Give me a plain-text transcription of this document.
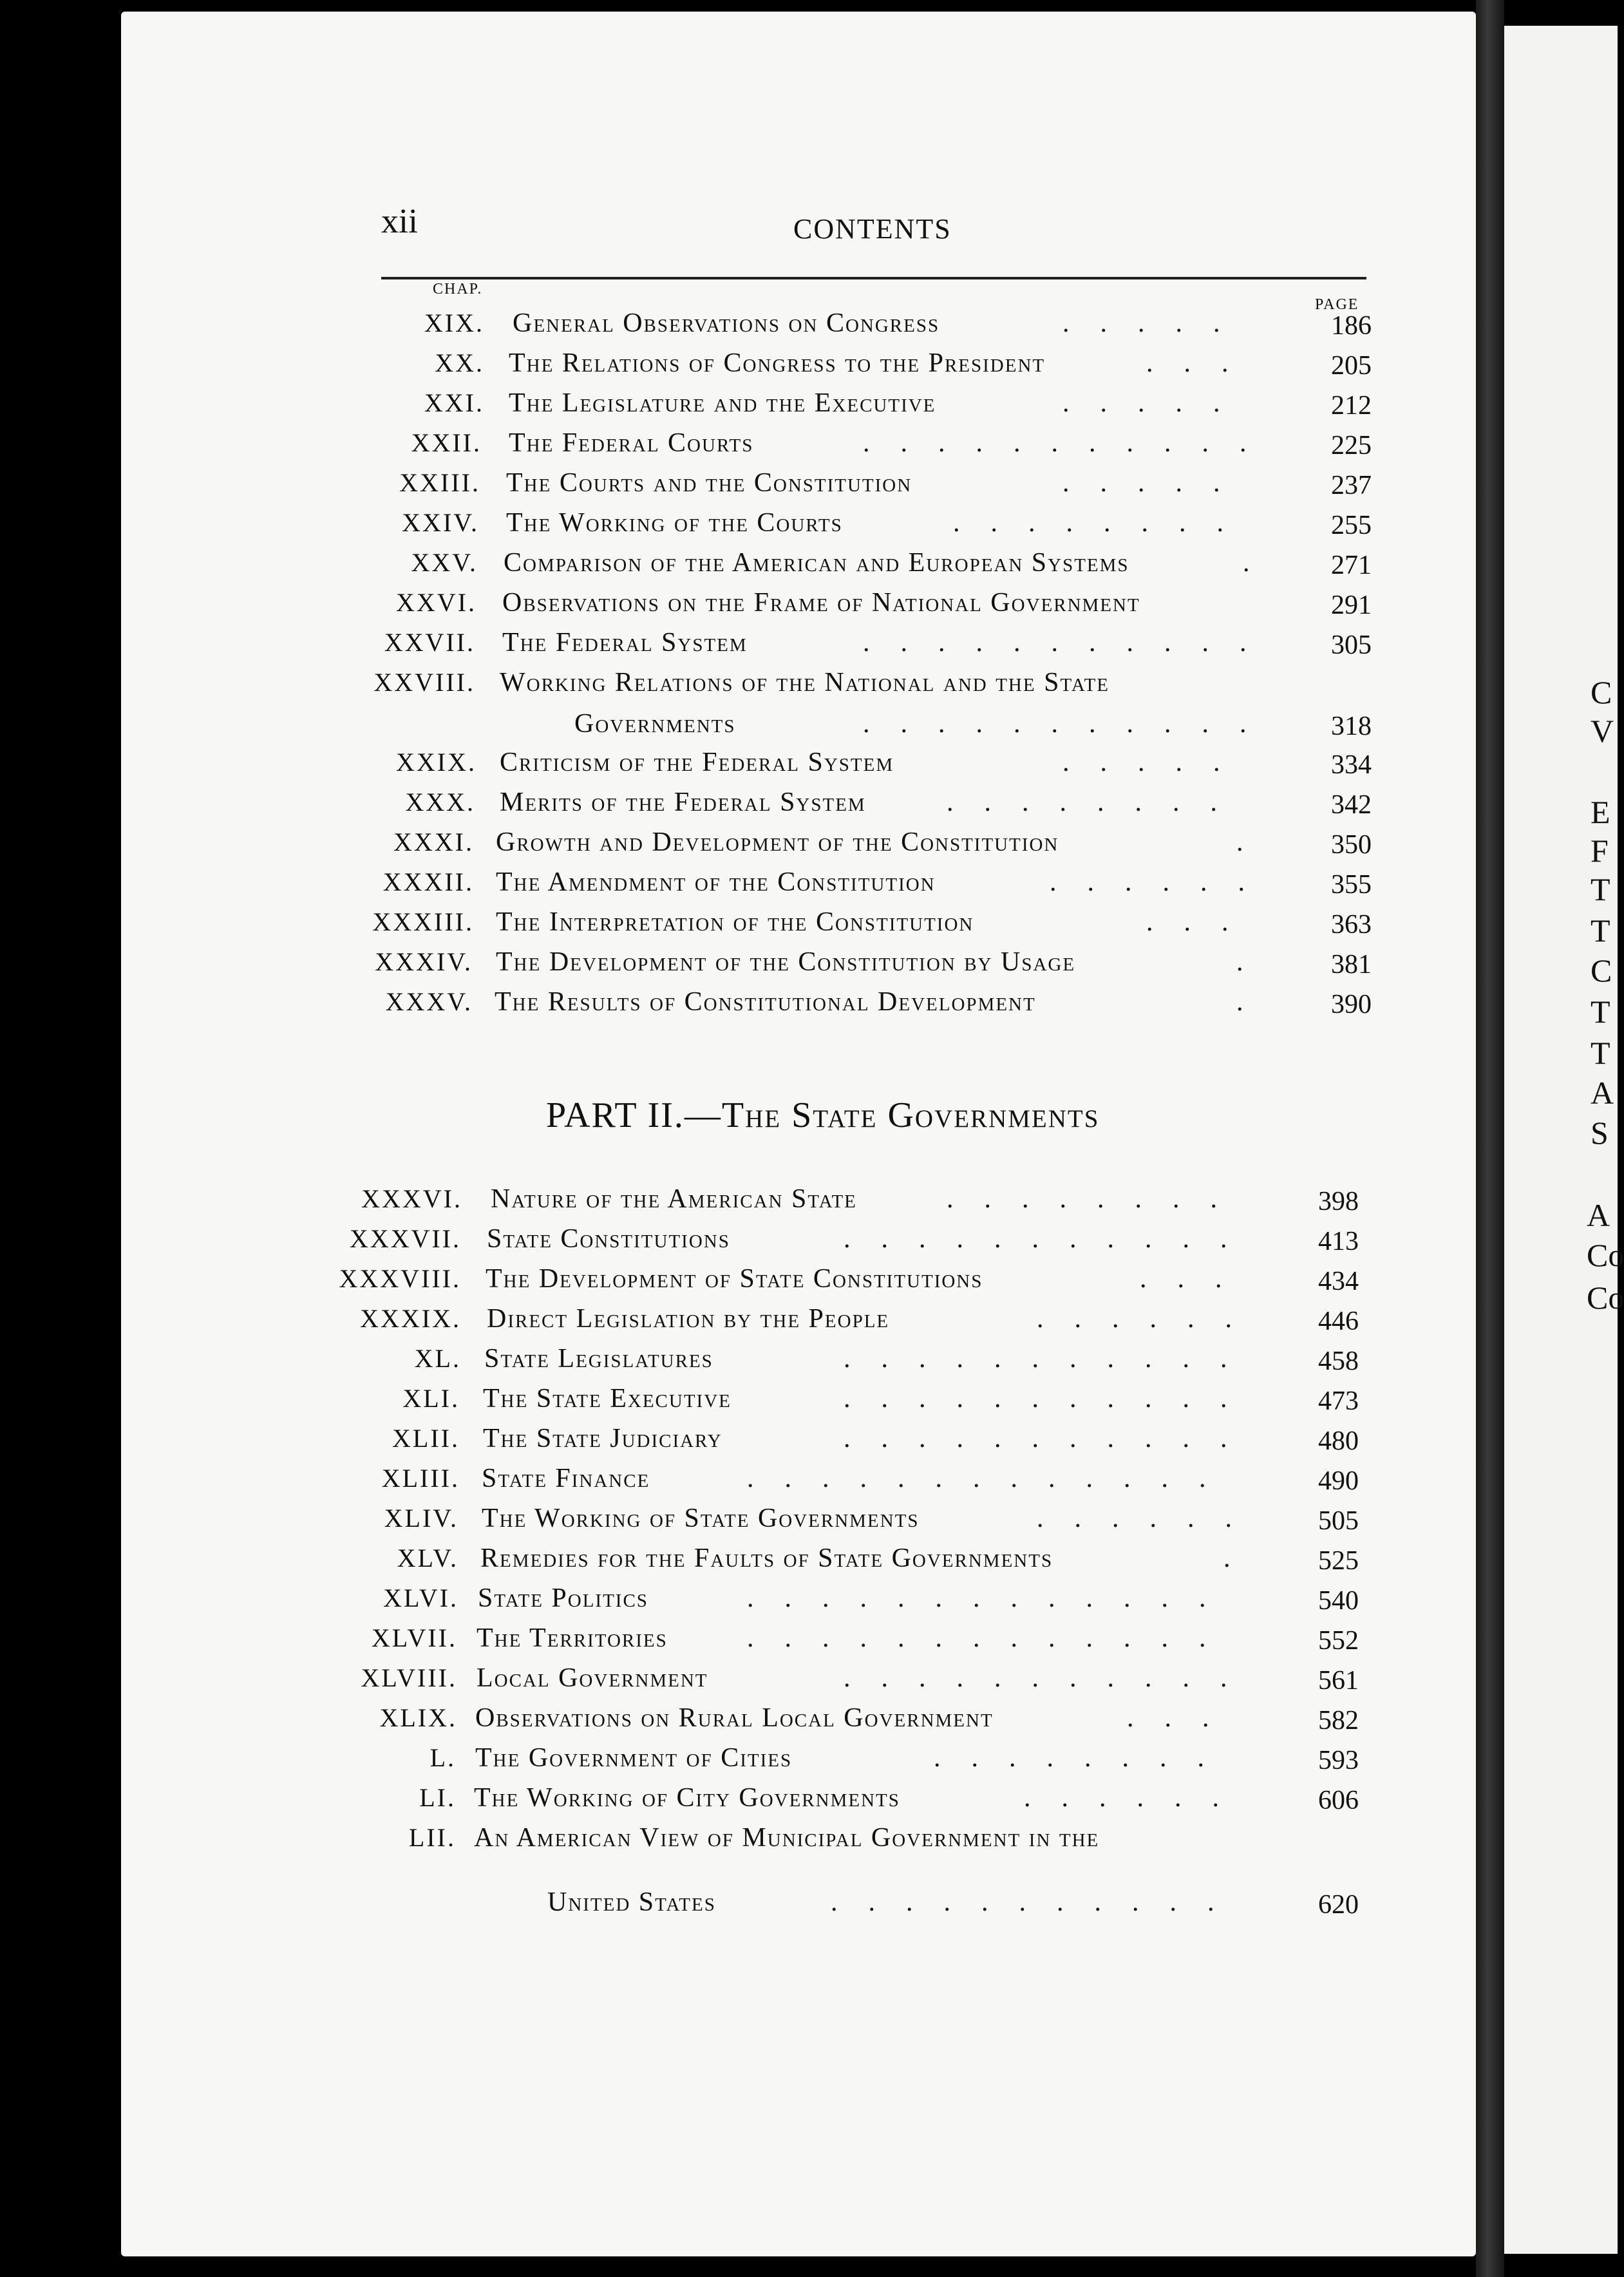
xii	CONTENTS
CHAP.
PAGE
PART II.—The State Governments
XIX. General Observations on Congress	.....	186
XX. The Relations of Congress to the President	...	205
XXI. The Legislature and the Executive	.....	212
XXII. The Federal Courts	...........	225
XXIII. The Courts and the Constitution	.....	237
XXIV. The Working of the Courts	........	255
XXV. Comparison of the American and European Systems	.	271
XXVI. Observations on the Frame of National Government	291
XXVII. The Federal System	...........	305
XXVIII. Working Relations of the National and the State
Governments	...........	318
XXIX. Criticism of the Federal System	.....	334
XXX. Merits of the Federal System	........	342
XXXI. Growth and Development of the Constitution	.	350
XXXII. The Amendment of the Constitution	......	355
XXXIII. The Interpretation of the Constitution	...	363
XXXIV. The Development of the Constitution by Usage	.	381
XXXV. The Results of Constitutional Development	.	390
XXXVI. Nature of the American State	........	398
XXXVII. State Constitutions	...........	413
XXXVIII. The Development of State Constitutions	...	434
XXXIX. Direct Legislation by the People	......	446
XL. State Legislatures	...........	458
XLI. The State Executive	...........	473
XLII. The State Judiciary	...........	480
XLIII. State Finance	.............	490
XLIV. The Working of State Governments	......	505
XLV. Remedies for the Faults of State Governments	.	525
XLVI. State Politics	.............	540
XLVII. The Territories	.............	552
XLVIII. Local Government	...........	561
XLIX. Observations on Rural Local Government	...	582
L. The Government of Cities	........	593
LI. The Working of City Governments	......	606
LII. An American View of Municipal Government in the
United States	...........	620
C
V
E
F
T
T
C
T
T
A
S
A
Co
Co
